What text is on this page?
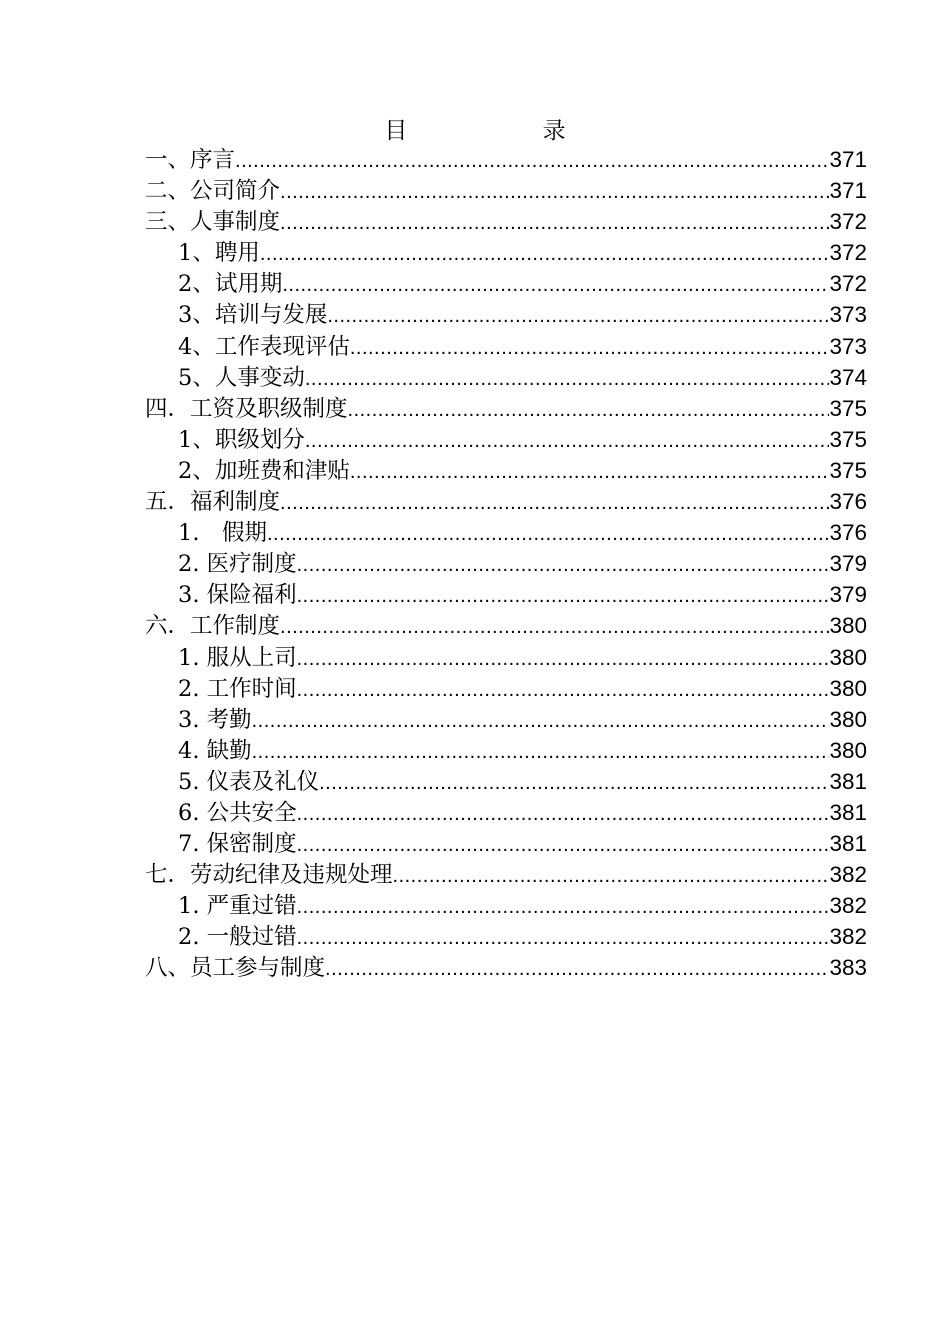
目 录
一、序言 .....	371
二、公司简介 .....	371
三、人事制度 .....	372
1、聘用 .....	372
2、试用期 .....	372
3、培训与发展 .....	373
4、工作表现评估 .....	373
5、人事变动 .....	374
四．工资及职级制度 .....	375
1、职级划分 .....	375
2、加班费和津贴 .....	375
五．福利制度 .....	376
1.　假期 .....	376
2. 医疗制度 .....	379
3. 保险福利 .....	379
六．工作制度 .....	380
1. 服从上司 .....	380
2. 工作时间 .....	380
3. 考勤 .....	380
4. 缺勤 .....	380
5. 仪表及礼仪 .....	381
6. 公共安全 .....	381
7. 保密制度 .....	381
七．劳动纪律及违规处理 .....	382
1. 严重过错 .....	382
2. 一般过错 .....	382
八、员工参与制度 .....	383
